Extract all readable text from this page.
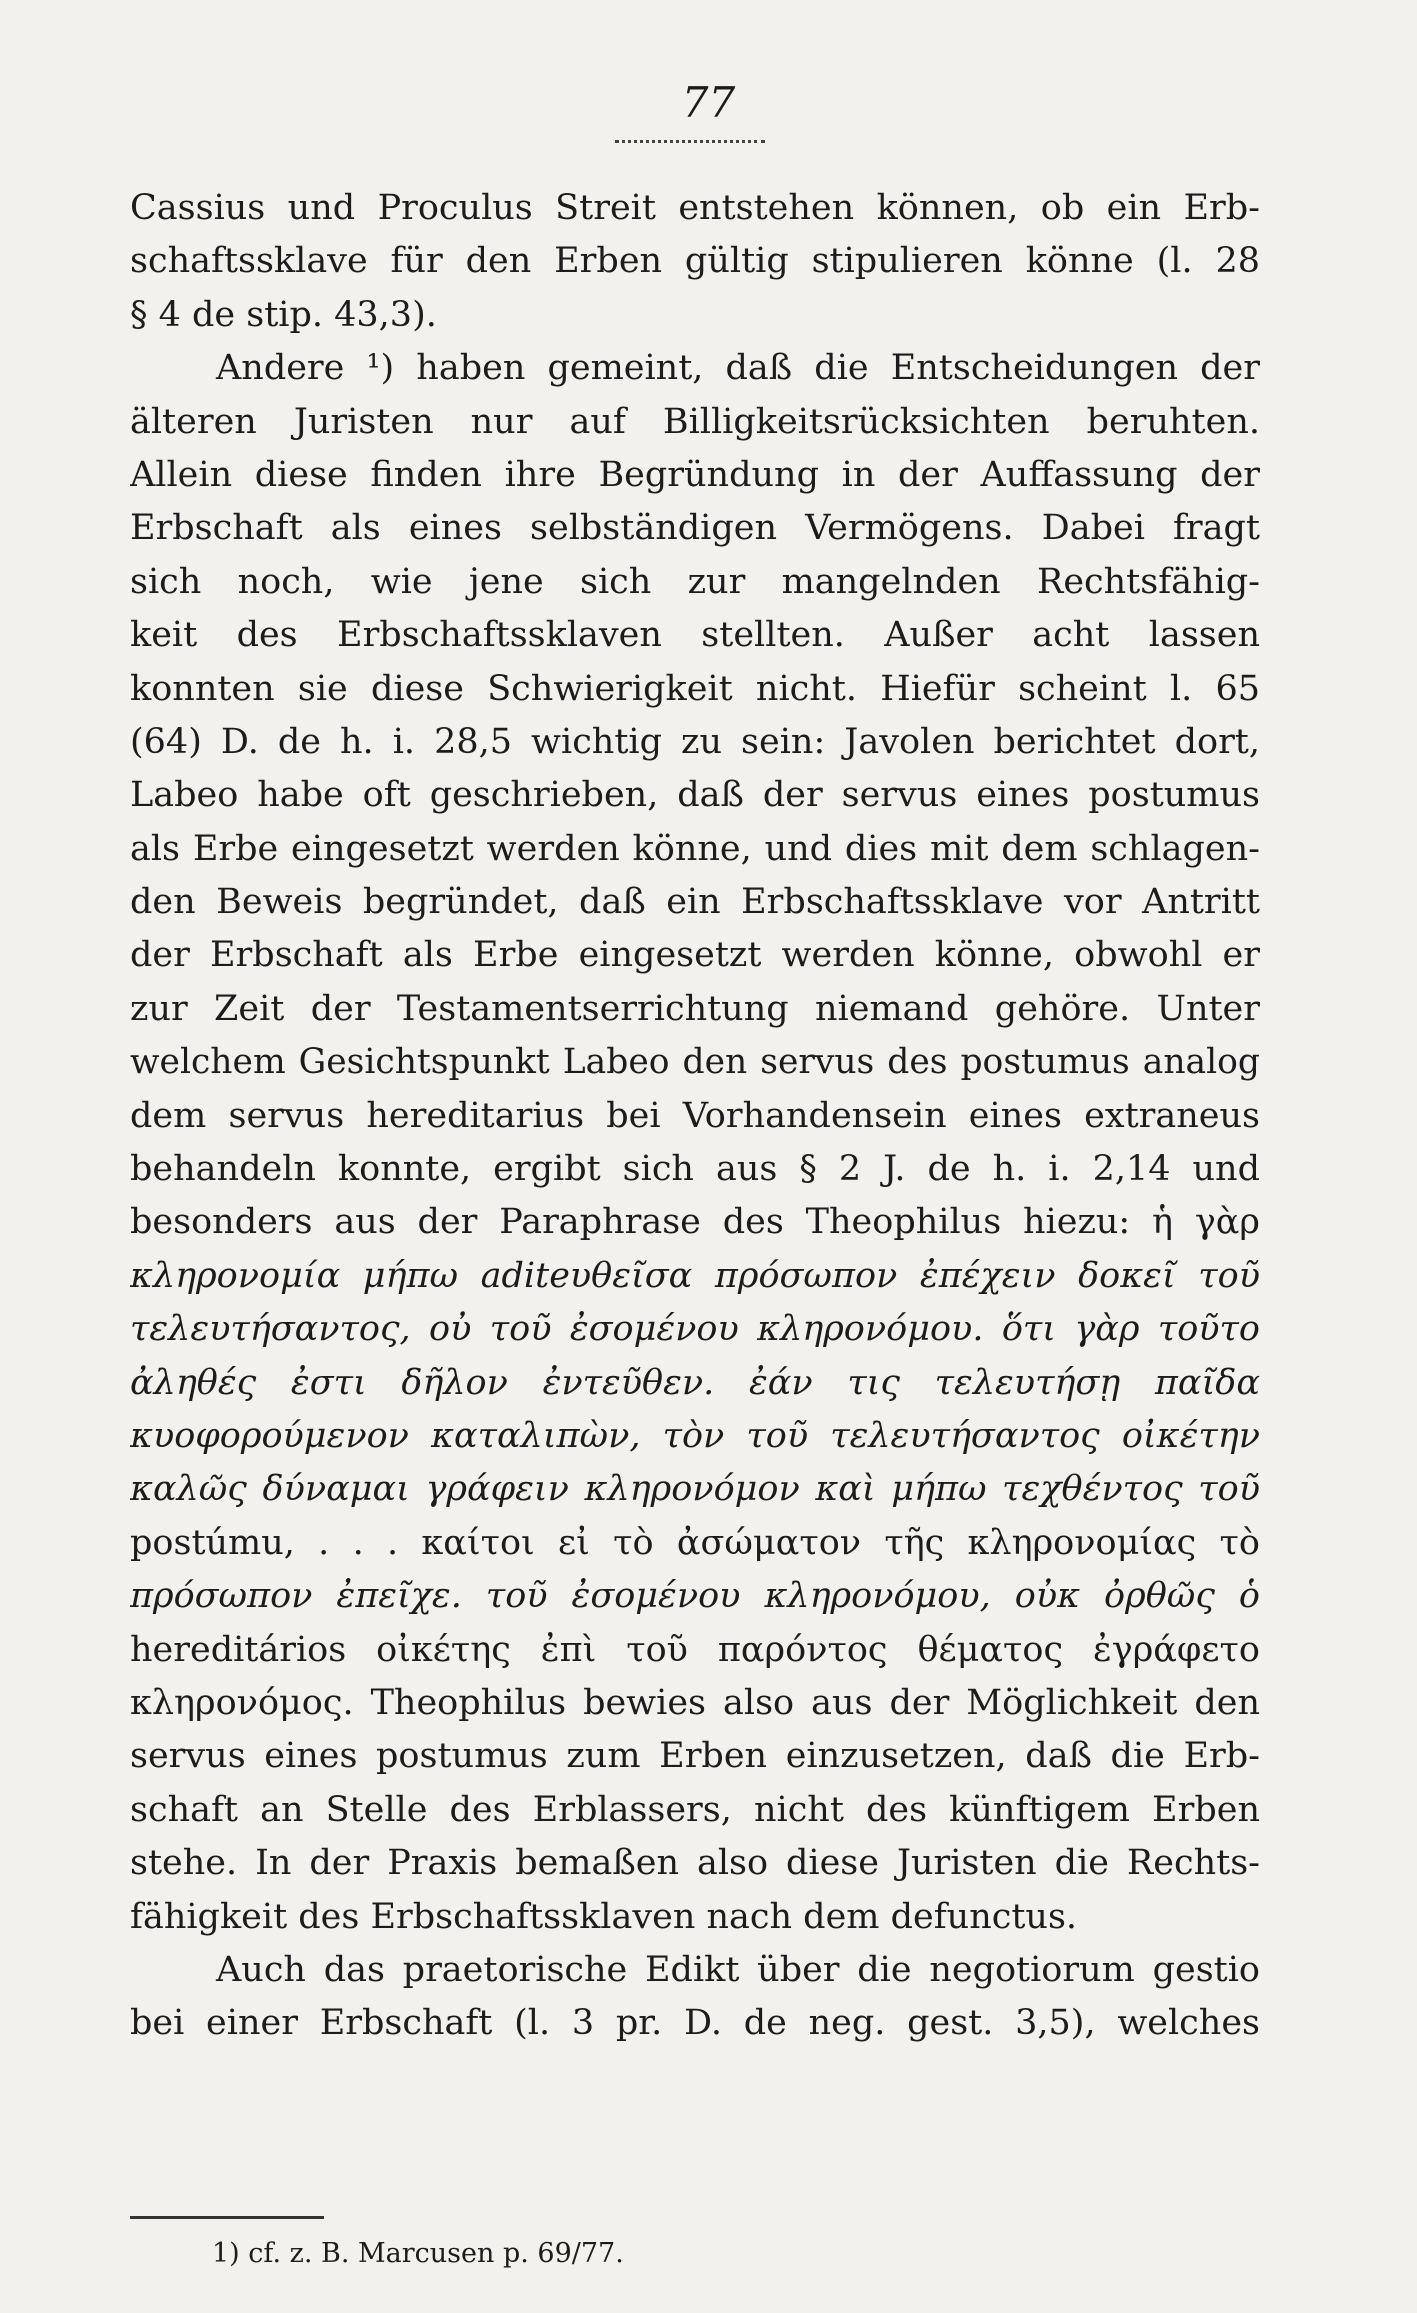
77
Cassius und Proculus Streit entstehen können, ob ein Erb-
schaftssklave für den Erben gültig stipulieren könne (l. 28
§ 4 de stip. 43,3).
Andere ¹) haben gemeint, daß die Entscheidungen der
älteren Juristen nur auf Billigkeitsrücksichten beruhten.
Allein diese finden ihre Begründung in der Auffassung der
Erbschaft als eines selbständigen Vermögens. Dabei fragt
sich noch, wie jene sich zur mangelnden Rechtsfähig-
keit des Erbschaftssklaven stellten. Außer acht lassen
konnten sie diese Schwierigkeit nicht. Hiefür scheint l. 65
(64) D. de h. i. 28,5 wichtig zu sein: Javolen berichtet dort,
Labeo habe oft geschrieben, daß der servus eines postumus
als Erbe eingesetzt werden könne, und dies mit dem schlagen-
den Beweis begründet, daß ein Erbschaftssklave vor Antritt
der Erbschaft als Erbe eingesetzt werden könne, obwohl er
zur Zeit der Testamentserrichtung niemand gehöre. Unter
welchem Gesichtspunkt Labeo den servus des postumus analog
dem servus hereditarius bei Vorhandensein eines extraneus
behandeln konnte, ergibt sich aus § 2 J. de h. i. 2,14 und
besonders aus der Paraphrase des Theophilus hiezu: ἡ γὰρ
κληρονομία μήπω aditeυθεῖσα πρόσωπον ἐπέχειν δοκεῖ τοῦ
τελευτήσαντος, οὐ τοῦ ἐσομένου κληρονόμου. ὅτι γὰρ τοῦτο
ἀληθές ἐστι δῆλον ἐντεῦθεν. ἐάν τις τελευτήσῃ παῖδα
κυοφορούμενον καταλιπὼν, τὸν τοῦ τελευτήσαντος οἰκέτην
καλῶς δύναμαι γράφειν κληρονόμον καὶ μήπω τεχθέντος τοῦ
postúmu, . . . καίτοι εἰ τὸ ἀσώματον τῆς κληρονομίας τὸ
πρόσωπον ἐπεῖχε. τοῦ ἐσομένου κληρονόμου, οὐκ ὀρθῶς ὁ
hereditários οἰκέτης ἐπὶ τοῦ παρόντος θέματος ἐγράφετο
κληρονόμος. Theophilus bewies also aus der Möglichkeit den
servus eines postumus zum Erben einzusetzen, daß die Erb-
schaft an Stelle des Erblassers, nicht des künftigem Erben
stehe. In der Praxis bemaßen also diese Juristen die Rechts-
fähigkeit des Erbschaftssklaven nach dem defunctus.
Auch das praetorische Edikt über die negotiorum gestio
bei einer Erbschaft (l. 3 pr. D. de neg. gest. 3,5), welches
1) cf. z. B. Marcusen p. 69/77.
